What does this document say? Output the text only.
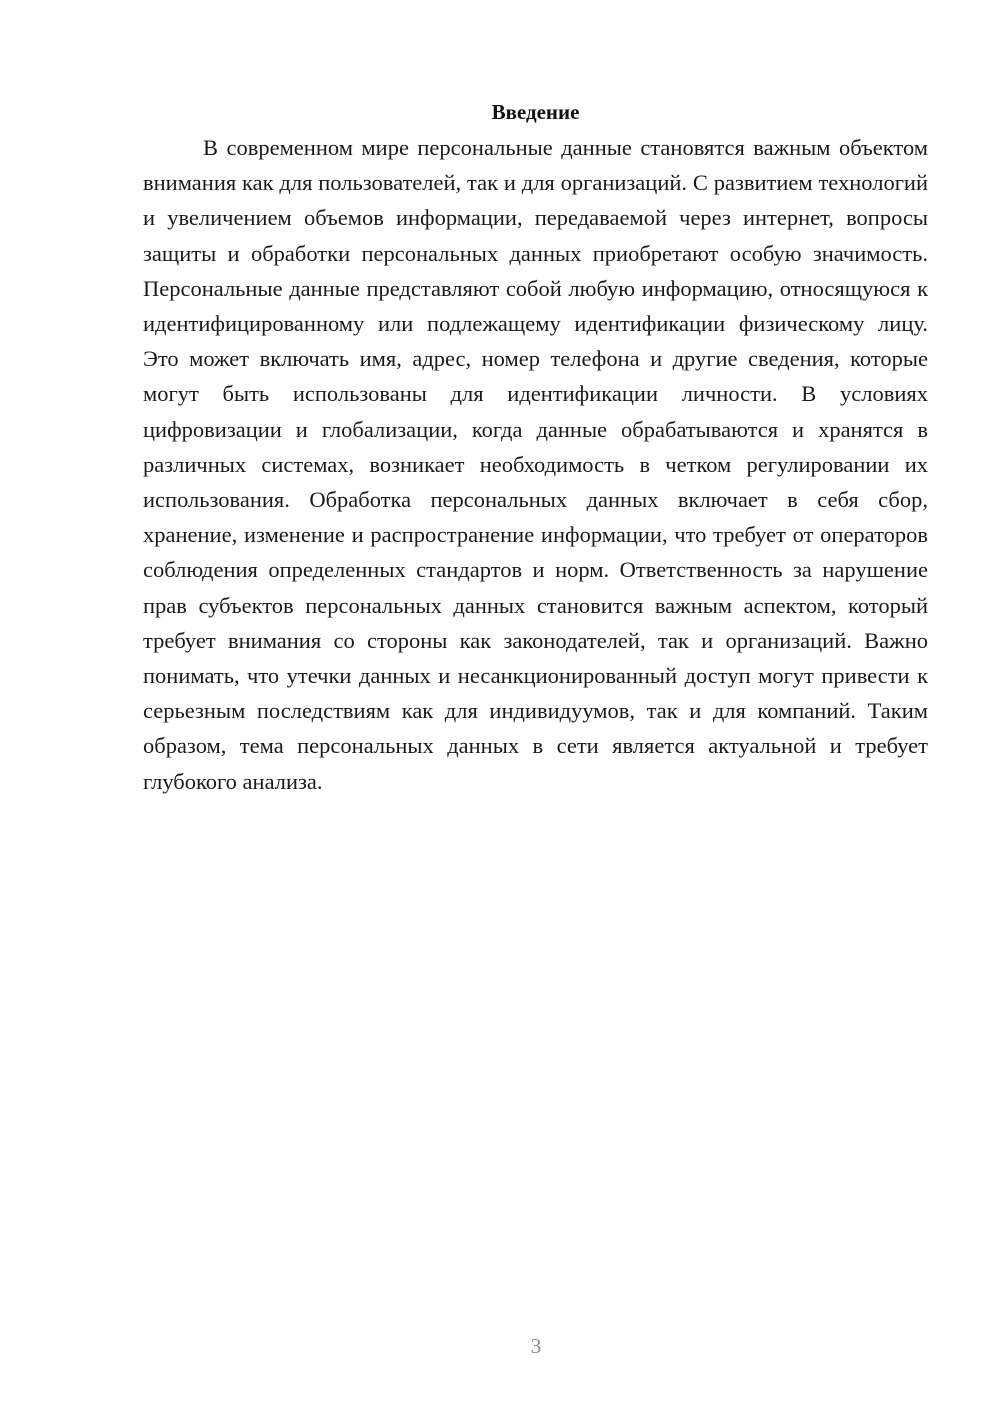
Введение

В современном мире персональные данные становятся важным объектом внимания как для пользователей, так и для организаций. С развитием технологий и увеличением объемов информации, передаваемой через интернет, вопросы защиты и обработки персональных данных приобретают особую значимость. Персональные данные представляют собой любую информацию, относящуюся к идентифицированному или подлежащему идентификации физическому лицу. Это может включать имя, адрес, номер телефона и другие сведения, которые могут быть использованы для идентификации личности. В условиях цифровизации и глобализации, когда данные обрабатываются и хранятся в различных системах, возникает необходимость в четком регулировании их использования. Обработка персональных данных включает в себя сбор, хранение, изменение и распространение информации, что требует от операторов соблюдения определенных стандартов и норм. Ответственность за нарушение прав субъектов персональных данных становится важным аспектом, который требует внимания со стороны как законодателей, так и организаций. Важно понимать, что утечки данных и несанкционированный доступ могут привести к серьезным последствиям как для индивидуумов, так и для компаний. Таким образом, тема персональных данных в сети является актуальной и требует глубокого анализа.

3
